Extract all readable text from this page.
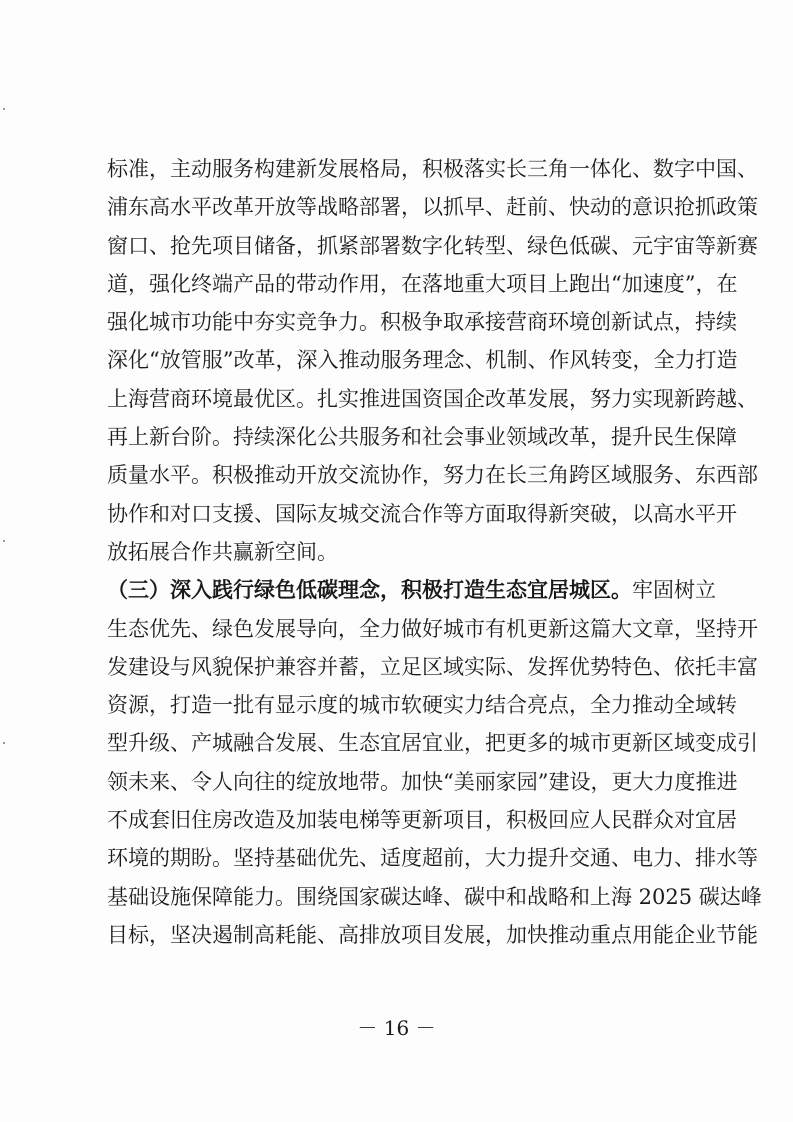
标准，主动服务构建新发展格局，积极落实长三角一体化、数字中国、
浦东高水平改革开放等战略部署，以抓早、赶前、快动的意识抢抓政策
窗口、抢先项目储备，抓紧部署数字化转型、绿色低碳、元宇宙等新赛
道，强化终端产品的带动作用，在落地重大项目上跑出“加速度”，在
强化城市功能中夯实竞争力。积极争取承接营商环境创新试点，持续
深化“放管服”改革，深入推动服务理念、机制、作风转变，全力打造
上海营商环境最优区。扎实推进国资国企改革发展，努力实现新跨越、
再上新台阶。持续深化公共服务和社会事业领域改革，提升民生保障
质量水平。积极推动开放交流协作，努力在长三角跨区域服务、东西部
协作和对口支援、国际友城交流合作等方面取得新突破，以高水平开
放拓展合作共赢新空间。
（三）深入践行绿色低碳理念，积极打造生态宜居城区。牢固树立
生态优先、绿色发展导向，全力做好城市有机更新这篇大文章，坚持开
发建设与风貌保护兼容并蓄，立足区域实际、发挥优势特色、依托丰富
资源，打造一批有显示度的城市软硬实力结合亮点，全力推动全域转
型升级、产城融合发展、生态宜居宜业，把更多的城市更新区域变成引
领未来、令人向往的绽放地带。加快“美丽家园”建设，更大力度推进
不成套旧住房改造及加装电梯等更新项目，积极回应人民群众对宜居
环境的期盼。坚持基础优先、适度超前，大力提升交通、电力、排水等
基础设施保障能力。围绕国家碳达峰、碳中和战略和上海 2025 碳达峰
目标，坚决遏制高耗能、高排放项目发展，加快推动重点用能企业节能
－ 16 －
